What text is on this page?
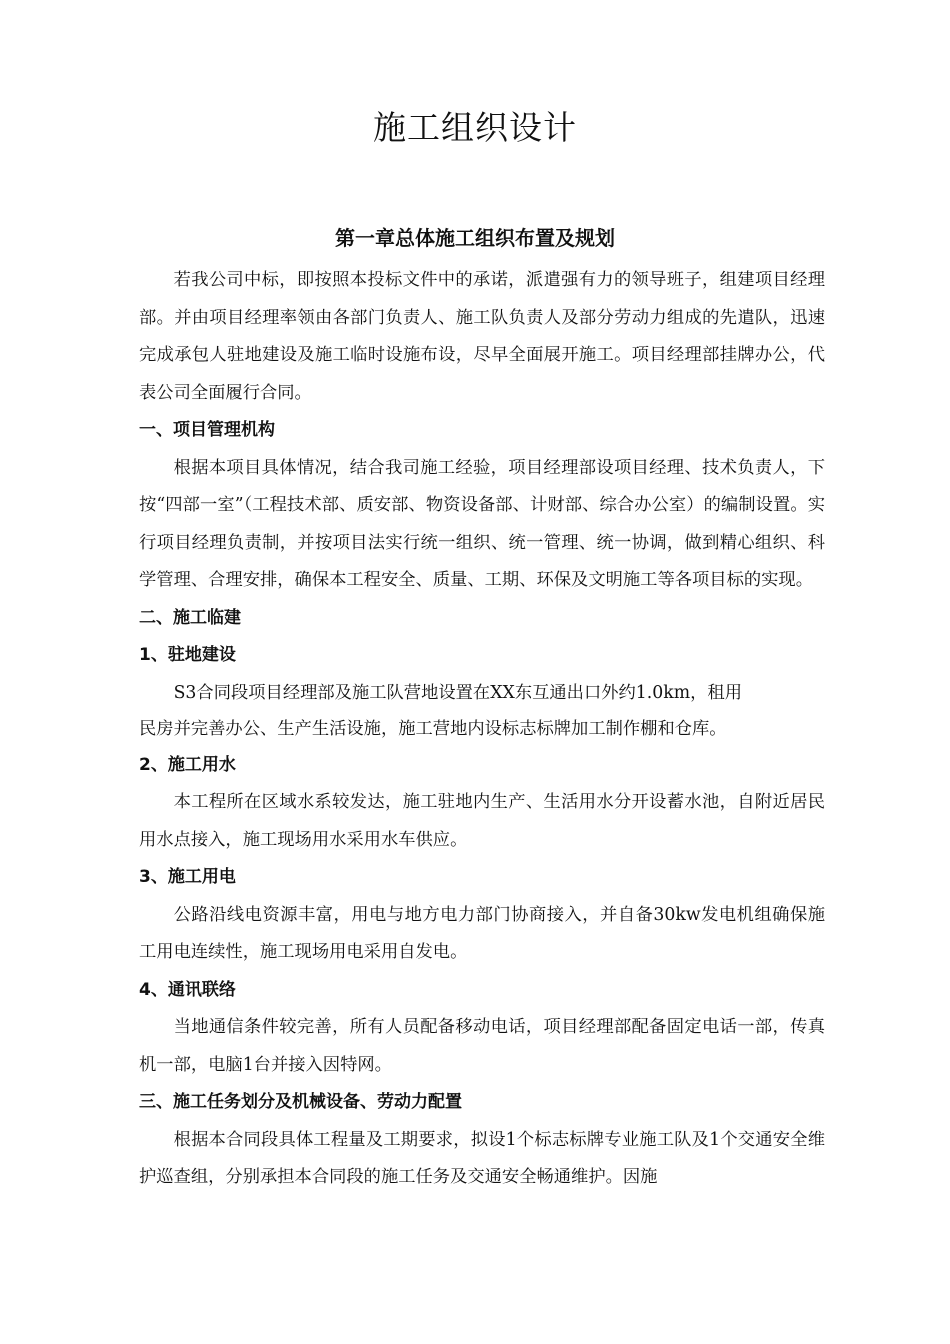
施工组织设计
第一章总体施工组织布置及规划

若我公司中标，即按照本投标文件中的承诺，派遣强有力的领导班子，组建项目经理部。并由项目经理率领由各部门负责人、施工队负责人及部分劳动力组成的先遣队，迅速完成承包人驻地建设及施工临时设施布设，尽早全面展开施工。项目经理部挂牌办公，代表公司全面履行合同。

一、项目管理机构

根据本项目具体情况，结合我司施工经验，项目经理部设项目经理、技术负责人，下按“四部一室”（工程技术部、质安部、物资设备部、计财部、综合办公室）的编制设置。实行项目经理负责制，并按项目法实行统一组织、统一管理、统一协调，做到精心组织、科学管理、合理安排，确保本工程安全、质量、工期、环保及文明施工等各项目标的实现。

二、施工临建
1、驻地建设

S3合同段项目经理部及施工队营地设置在XX东互通出口外约1.0km，租用
民房并完善办公、生产生活设施，施工营地内设标志标牌加工制作棚和仓库。

2、施工用水

本工程所在区域水系较发达，施工驻地内生产、生活用水分开设蓄水池，自附近居民用水点接入，施工现场用水采用水车供应。

3、施工用电

公路沿线电资源丰富，用电与地方电力部门协商接入，并自备30kw发电机组确保施工用电连续性，施工现场用电采用自发电。

4、通讯联络

当地通信条件较完善，所有人员配备移动电话，项目经理部配备固定电话一部，传真机一部，电脑1台并接入因特网。

三、施工任务划分及机械设备、劳动力配置

根据本合同段具体工程量及工期要求，拟设1个标志标牌专业施工队及1个交通安全维护巡查组，分别承担本合同段的施工任务及交通安全畅通维护。因施
